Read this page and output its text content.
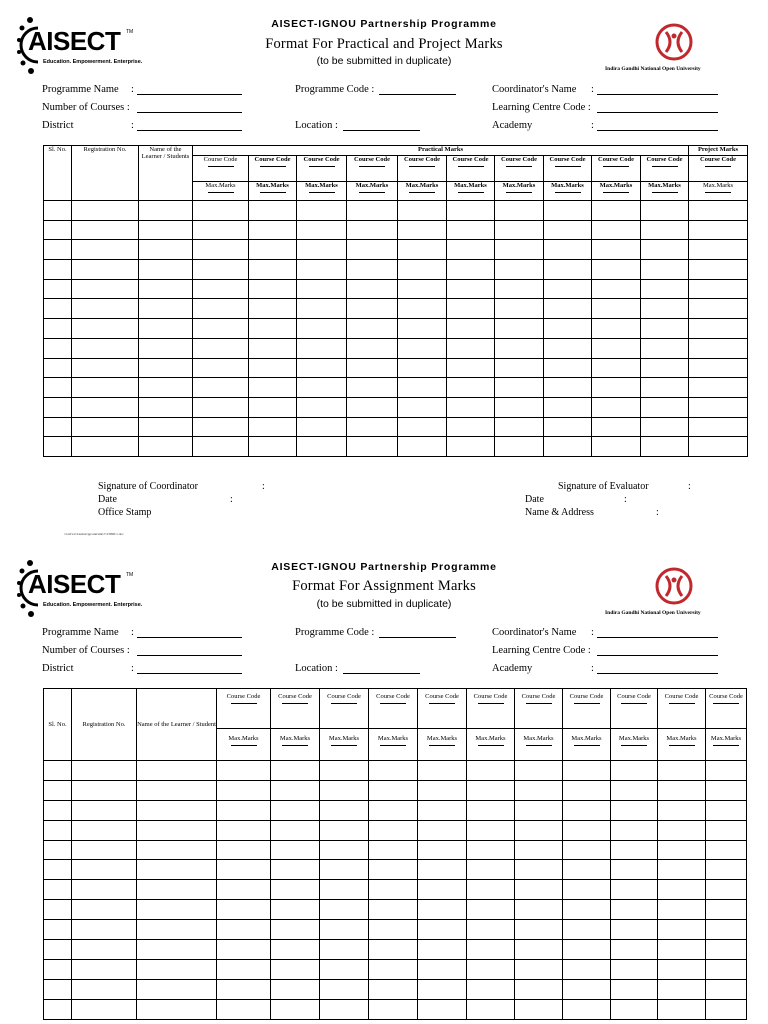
AISECT TM
Education. Empowerment. Enterprise.
AISECT-IGNOU Partnership Programme
Format For Practical and Project Marks
(to be submitted in duplicate)
Indira Gandhi National Open University
Programme Name :
Number of Courses :
District	:
Programme Code :
Location :
Coordinator's Name :
Learning Centre Code :
Academy	:
Sl. No.	Registration No.	Name of the Learner / Students	Practical Marks										Project Marks
			Course Code	Course Code	Course Code	Course Code	Course Code	Course Code	Course Code	Course Code	Course Code	Course Code	Course Code

			Max.Marks	Max.Marks	Max.Marks	Max.Marks	Max.Marks	Max.Marks	Max.Marks	Max.Marks	Max.Marks	Max.Marks	Max.Marks

Signature of Coordinator	:
Date	:
Office Stamp
Signature of Evaluator	:
Date	:
Name & Address	:
\\ravi\ravi\ankur\pp\ann\mk\7\23990\1.doc
AISECT TM
Education. Empowerment. Enterprise.
AISECT-IGNOU Partnership Programme
Format For Assignment Marks
(to be submitted in duplicate)
Indira Gandhi National Open University
Programme Name :
Number of Courses :
District	:
Programme Code :
Location :
Coordinator's Name :
Learning Centre Code :
Academy	:
Sl. No.	Registration No.	Name of the Learner / Student	Course Code	Course Code	Course Code	Course Code	Course Code	Course Code	Course Code	Course Code	Course Code	Course Code	Course Code

			Max.Marks	Max.Marks	Max.Marks	Max.Marks	Max.Marks	Max.Marks	Max.Marks	Max.Marks	Max.Marks	Max.Marks	Max.Marks
